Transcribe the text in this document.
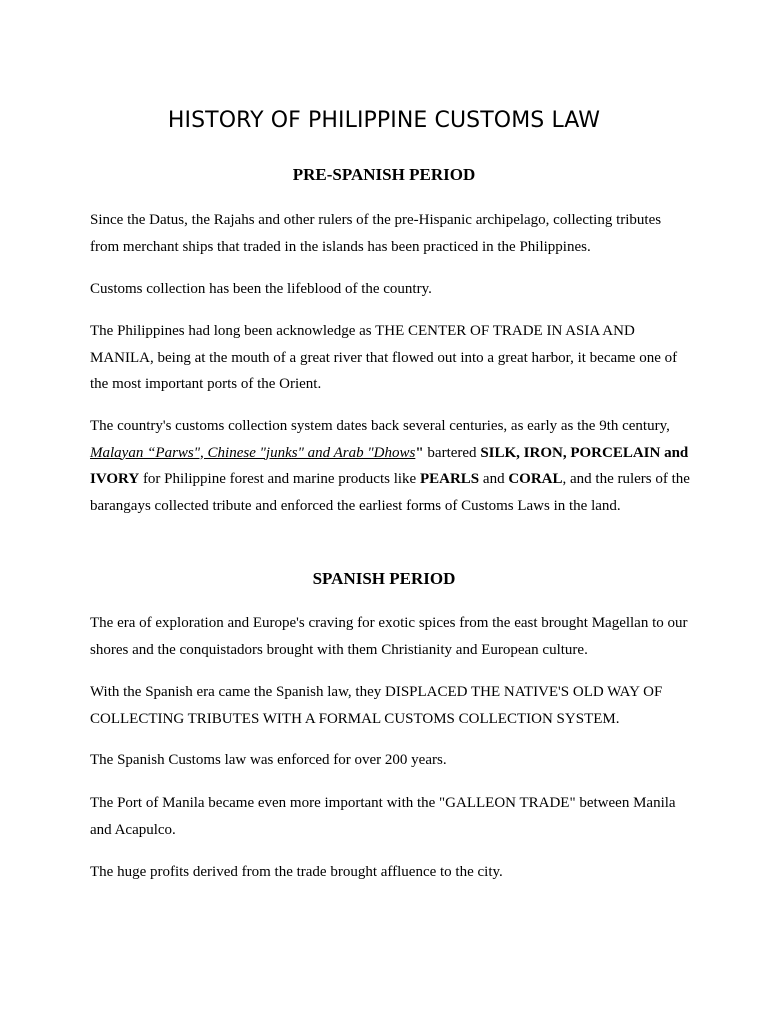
HISTORY OF PHILIPPINE CUSTOMS LAW
PRE-SPANISH PERIOD

Since the Datus, the Rajahs and other rulers of the pre-Hispanic archipelago, collecting tributes from merchant ships that traded in the islands has been practiced in the Philippines.

Customs collection has been the lifeblood of the country.

The Philippines had long been acknowledge as THE CENTER OF TRADE IN ASIA AND MANILA, being at the mouth of a great river that flowed out into a great harbor, it became one of the most important ports of the Orient.

The country's customs collection system dates back several centuries, as early as the 9th century, Malayan “Parws", Chinese "junks" and Arab "Dhows" bartered SILK, IRON, PORCELAIN and IVORY for Philippine forest and marine products like PEARLS and CORAL, and the rulers of the barangays collected tribute and enforced the earliest forms of Customs Laws in the land.

SPANISH PERIOD

The era of exploration and Europe's craving for exotic spices from the east brought Magellan to our shores and the conquistadors brought with them Christianity and European culture.

With the Spanish era came the Spanish law, they DISPLACED THE NATIVE'S OLD WAY OF COLLECTING TRIBUTES WITH A FORMAL CUSTOMS COLLECTION SYSTEM.

The Spanish Customs law was enforced for over 200 years.

The Port of Manila became even more important with the "GALLEON TRADE" between Manila and Acapulco.

The huge profits derived from the trade brought affluence to the city.
